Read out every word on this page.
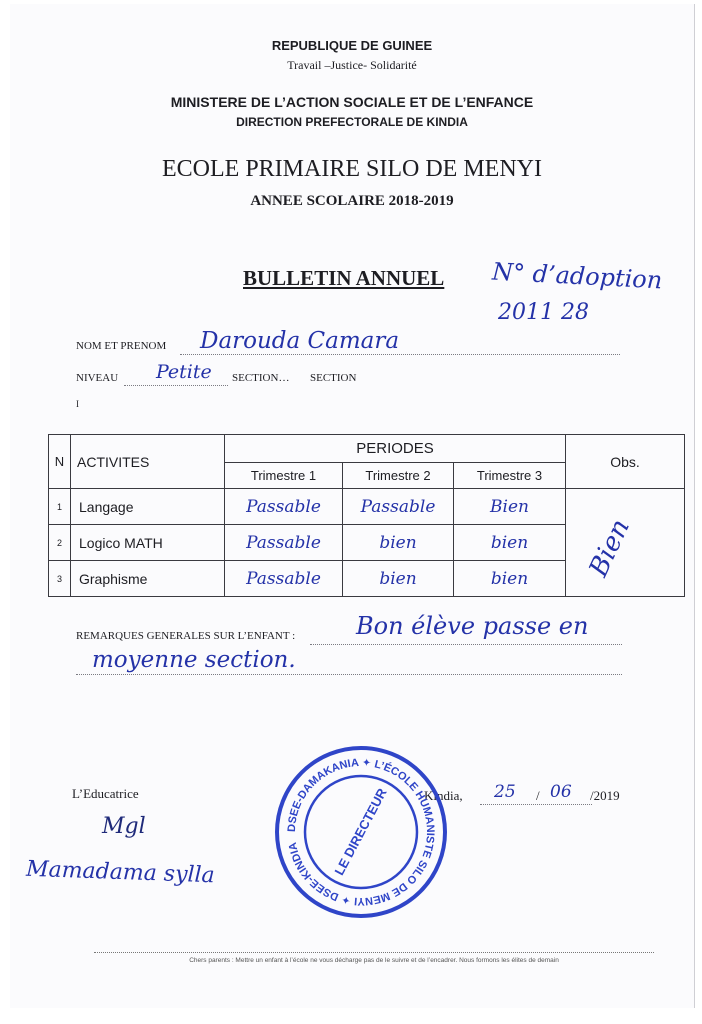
REPUBLIQUE DE GUINEE
Travail –Justice- Solidarité
MINISTERE DE L’ACTION SOCIALE ET DE L’ENFANCE
DIRECTION PREFECTORALE DE KINDIA
ECOLE PRIMAIRE SILO DE MENYI
ANNEE SCOLAIRE 2018-2019
BULLETIN ANNUEL N° d’adoption
2011 28
NOM ET PRENOM Darouda Camara
NIVEAU Petite SECTION… SECTION
I
N	ACTIVITES	PERIODES			Obs.
		Trimestre 1	Trimestre 2	Trimestre 3	
1	Langage	Passable	Passable	Bien	Bien

2	Logico MATH	Passable	bien	bien	
3	Graphisme	Passable	bien	bien	
REMARQUES GENERALES SUR L’ENFANT :	Bon élève passe en
moyenne section.
L’Educatrice
Mgl
Mamadama sylla
Kindia, 25 / 06 /2019
DSEE-DAMAKANIA ✦ L’ÉCOLE HUMANISTE SILO DE MENYI ✦ DSEE-KINDIA	LE DIRECTEUR
Chers parents : Mettre un enfant à l’école ne vous décharge pas de le suivre et de l’encadrer. Nous formons les élites de demain
